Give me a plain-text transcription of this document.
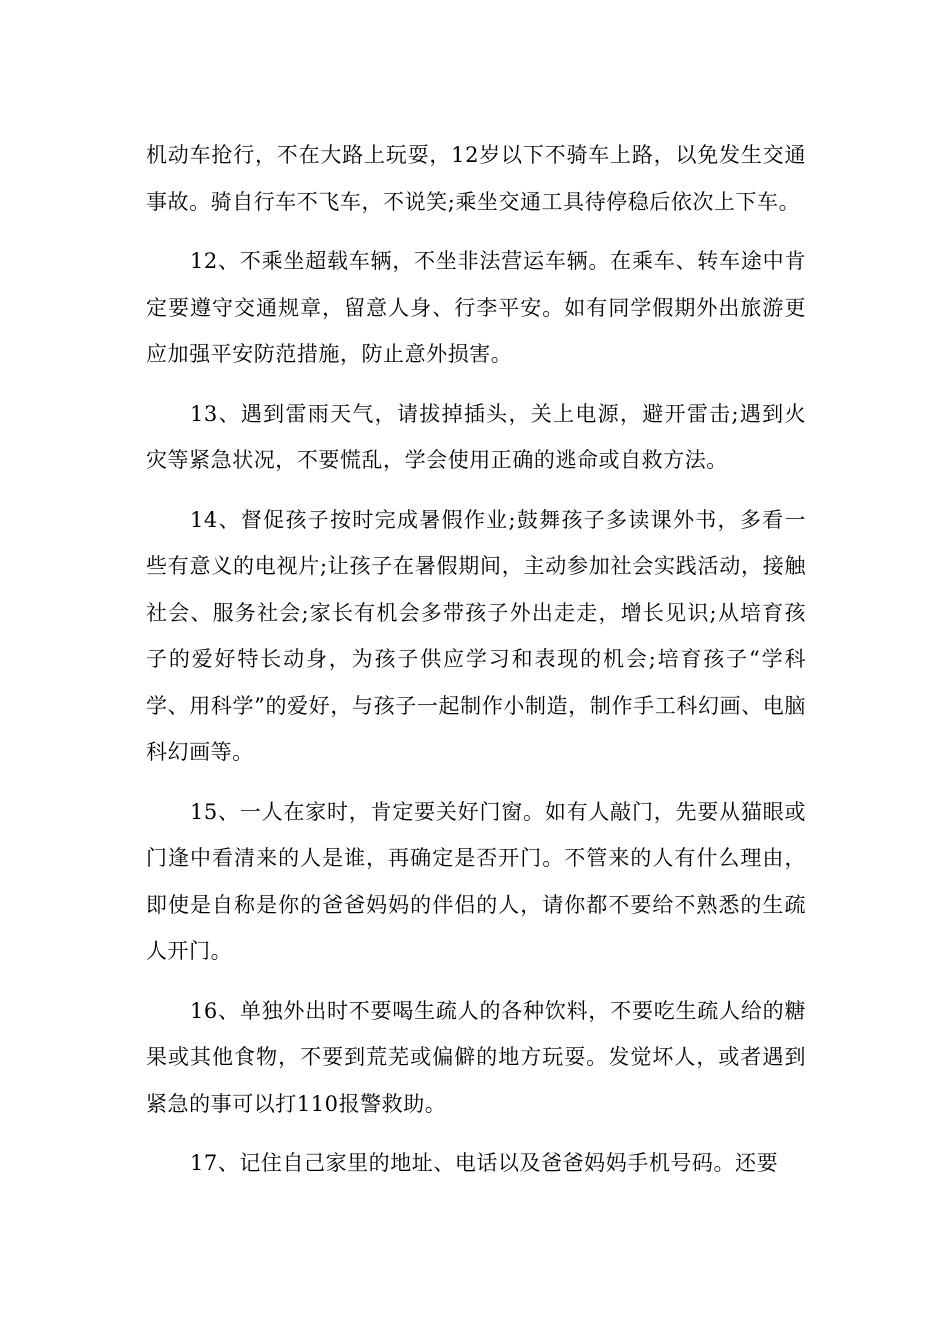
机动车抢行，不在大路上玩耍，12岁以下不骑车上路，以免发生交通事故。骑自行车不飞车，不说笑;乘坐交通工具待停稳后依次上下车。

12、不乘坐超载车辆，不坐非法营运车辆。在乘车、转车途中肯定要遵守交通规章，留意人身、行李平安。如有同学假期外出旅游更应加强平安防范措施，防止意外损害。

13、遇到雷雨天气，请拔掉插头，关上电源，避开雷击;遇到火灾等紧急状况，不要慌乱，学会使用正确的逃命或自救方法。

14、督促孩子按时完成暑假作业;鼓舞孩子多读课外书，多看一些有意义的电视片;让孩子在暑假期间，主动参加社会实践活动，接触社会、服务社会;家长有机会多带孩子外出走走，增长见识;从培育孩子的爱好特长动身，为孩子供应学习和表现的机会;培育孩子“学科学、用科学”的爱好，与孩子一起制作小制造，制作手工科幻画、电脑科幻画等。

15、一人在家时，肯定要关好门窗。如有人敲门，先要从猫眼或门逢中看清来的人是谁，再确定是否开门。不管来的人有什么理由，即使是自称是你的爸爸妈妈的伴侣的人，请你都不要给不熟悉的生疏人开门。

16、单独外出时不要喝生疏人的各种饮料，不要吃生疏人给的糖果或其他食物，不要到荒芜或偏僻的地方玩耍。发觉坏人，或者遇到紧急的事可以打110报警救助。

17、记住自己家里的地址、电话以及爸爸妈妈手机号码。还要
